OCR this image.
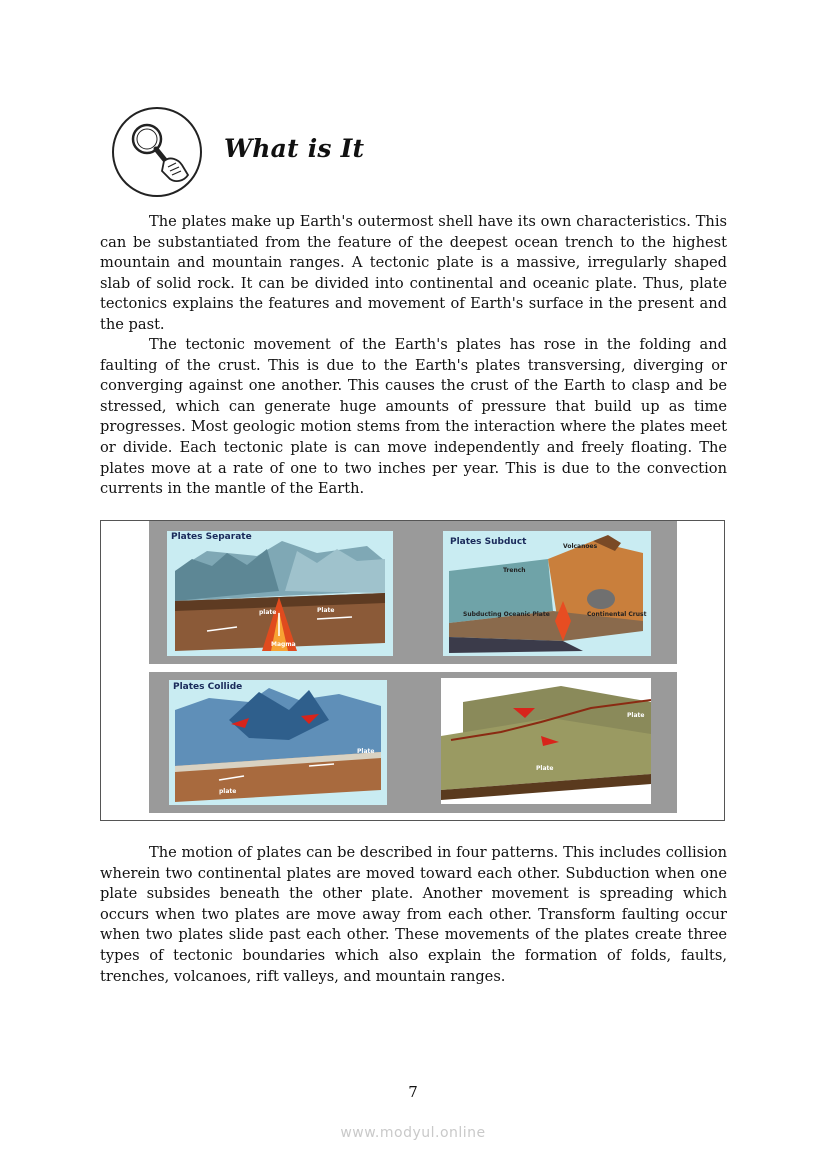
What is It

The plates make up Earth's outermost shell have its own characteristics. This can be substantiated from the feature of the deepest ocean trench to the highest mountain and mountain ranges. A tectonic plate is a massive, irregularly shaped slab of solid rock. It can be divided into continental and oceanic plate. Thus, plate tectonics explains the features and movement of Earth's surface in the present and the past.

The tectonic movement of the Earth's plates has rose in the folding and faulting of the crust. This is due to the Earth's plates transversing, diverging or converging against one another. This causes the crust of the Earth to clasp and be stressed, which can generate huge amounts of pressure that build up as time progresses. Most geologic motion stems from the interaction where the plates meet or divide. Each tectonic plate is can move independently and freely floating. The plates move at a rate of one to two inches per year. This is due to the convection currents in the mantle of the Earth.

Plates Separate
plate	Plate
Magma
Plates Subduct	Volcanoes
Trench
Subducting Oceanic Plate	Continental Crust
Plates Collide
plate
Plate
Plate
Plate

The motion of plates can be described in four patterns. This includes collision wherein two continental plates are moved toward each other. Subduction when one plate subsides beneath the other plate. Another movement is spreading which occurs when two plates are move away from each other. Transform faulting occur when two plates slide past each other. These movements of the plates create three types of tectonic boundaries which also explain the formation of folds, faults, trenches, volcanoes, rift valleys, and mountain ranges.

7
www.modyul.online
